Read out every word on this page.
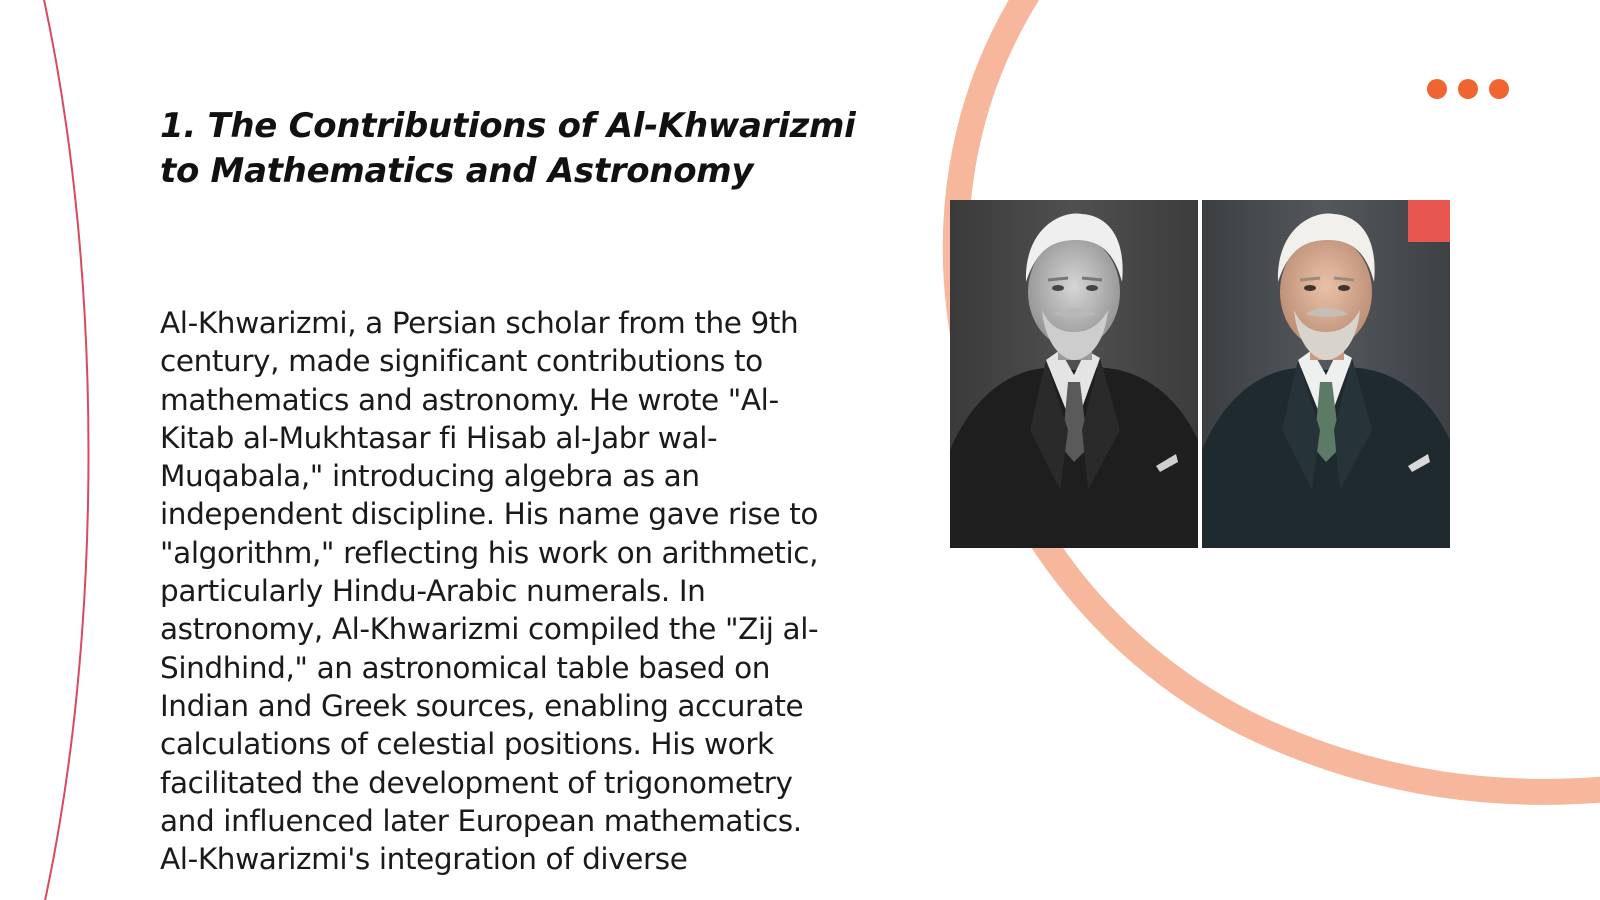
1. The Contributions of Al-Khwarizmi to Mathematics and Astronomy

Al-Khwarizmi, a Persian scholar from the 9th century, made significant contributions to mathematics and astronomy. He wrote "Al-Kitab al-Mukhtasar fi Hisab al-Jabr wal-Muqabala," introducing algebra as an independent discipline. His name gave rise to "algorithm," reflecting his work on arithmetic, particularly Hindu-Arabic numerals. In astronomy, Al-Khwarizmi compiled the "Zij al-Sindhind," an astronomical table based on Indian and Greek sources, enabling accurate calculations of celestial positions. His work facilitated the development of trigonometry and influenced later European mathematics. Al-Khwarizmi's integration of diverse
